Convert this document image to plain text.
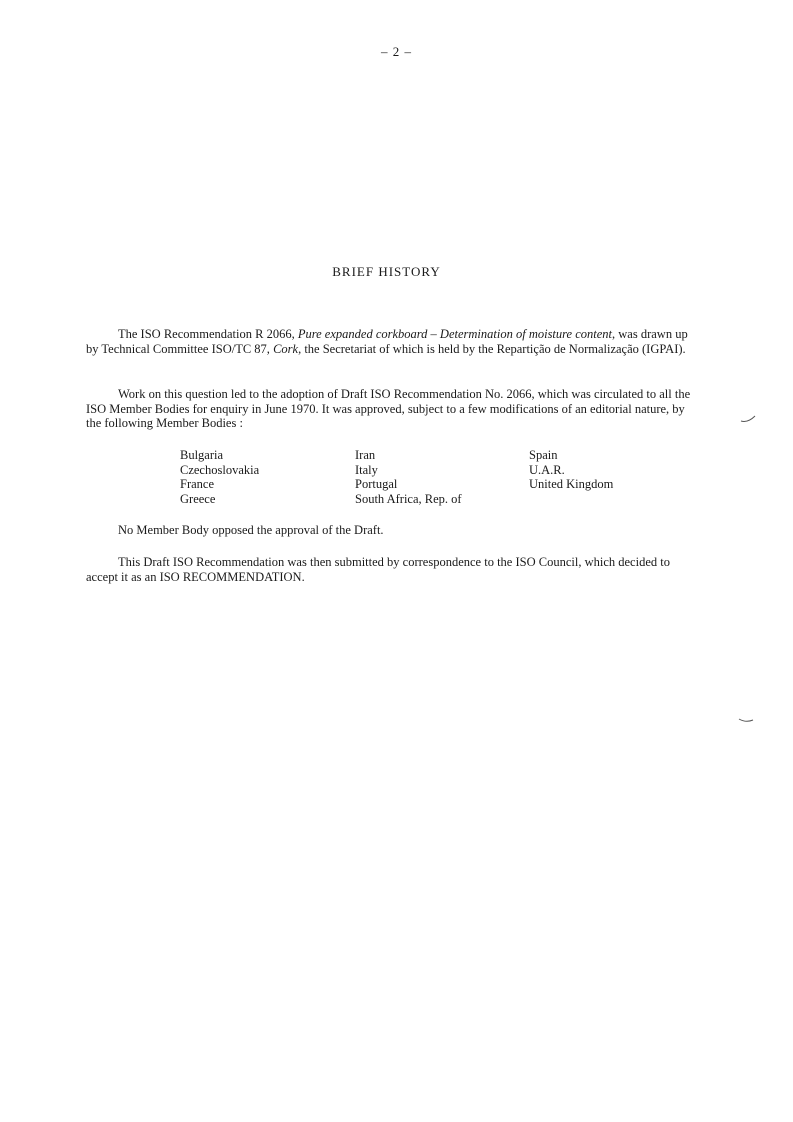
– 2 –
BRIEF HISTORY

The ISO Recommendation R 2066, Pure expanded corkboard – Determination of moisture content, was drawn up by Technical Committee ISO/TC 87, Cork, the Secretariat of which is held by the Repartição de Normalização (IGPAI).

Work on this question led to the adoption of Draft ISO Recommendation No. 2066, which was circulated to all the ISO Member Bodies for enquiry in June 1970. It was approved, subject to a few modifications of an editorial nature, by the following Member Bodies :

Bulgaria
Czechoslovakia
France
Greece
Iran
Italy
Portugal
South Africa, Rep. of
Spain
U.A.R.
United Kingdom

No Member Body opposed the approval of the Draft.

This Draft ISO Recommendation was then submitted by correspondence to the ISO Council, which decided to accept it as an ISO RECOMMENDATION.
